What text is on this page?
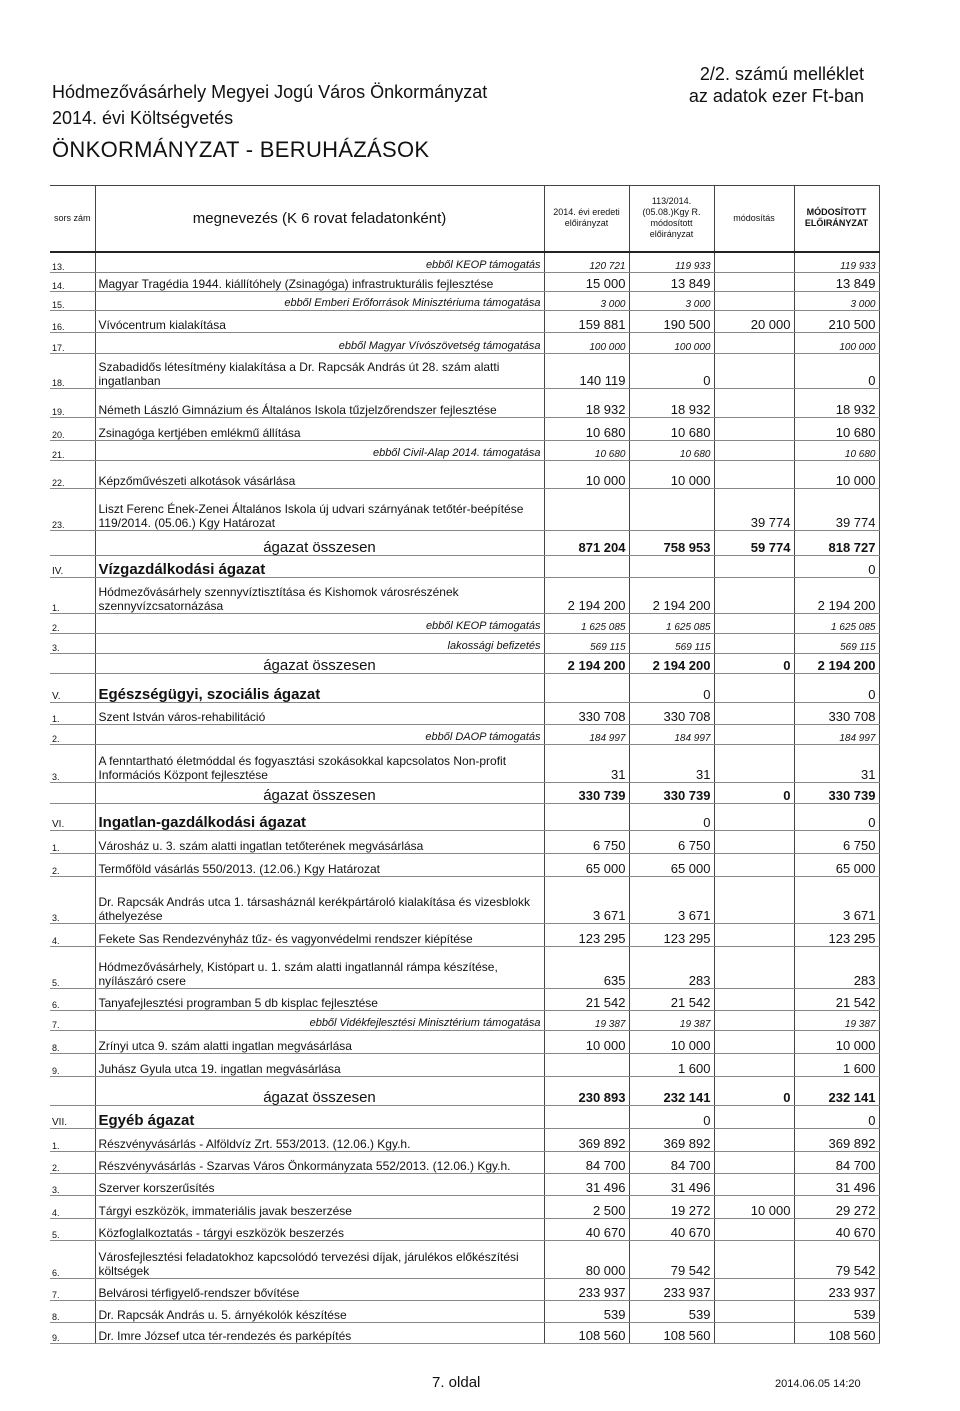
Hódmezővásárhely Megyei Jogú Város Önkormányzat
2014. évi Költségvetés
ÖNKORMÁNYZAT - BERUHÁZÁSOK
2/2. számú melléklet
az adatok ezer Ft-ban
sors zám	megnevezés (K 6 rovat feladatonként)	2014. évi eredeti előirányzat	113/2014. (05.08.)Kgy R. módosított előirányzat	módosítás	MÓDOSÍTOTT ELŐIRÁNYZAT
13.	ebből KEOP támogatás	120 721	119 933		119 933
14.	Magyar Tragédia 1944. kiállítóhely (Zsinagóga) infrastrukturális fejlesztése	15 000	13 849		13 849
15.	ebből Emberi Erőforrások Minisztériuma támogatása	3 000	3 000		3 000
16.	Vívócentrum kialakítása	159 881	190 500	20 000	210 500
17.	ebből Magyar Vívószövetség támogatása	100 000	100 000		100 000
18.	Szabadidős létesítmény kialakítása a Dr. Rapcsák András út 28. szám alatti ingatlanban	140 119	0		0
19.	Németh László Gimnázium és Általános Iskola tűzjelzőrendszer fejlesztése	18 932	18 932		18 932
20.	Zsinagóga kertjében emlékmű állítása	10 680	10 680		10 680
21.	ebből Civil-Alap 2014. támogatása	10 680	10 680		10 680
22.	Képzőművészeti alkotások vásárlása	10 000	10 000		10 000
23.	Liszt Ferenc Ének-Zenei Általános Iskola új udvari szárnyának tetőtér-beépítése 119/2014. (05.06.) Kgy Határozat			39 774	39 774
	ágazat összesen	871 204	758 953	59 774	818 727
IV.	Vízgazdálkodási ágazat				0
1.	Hódmezővásárhely szennyvíztisztítása és Kishomok városrészének szennyvízcsatornázása	2 194 200	2 194 200		2 194 200
2.	ebből KEOP támogatás	1 625 085	1 625 085		1 625 085
3.	lakossági befizetés	569 115	569 115		569 115
	ágazat összesen	2 194 200	2 194 200	0	2 194 200
V.	Egészségügyi, szociális ágazat		0		0
1.	Szent István város-rehabilitáció	330 708	330 708		330 708
2.	ebből DAOP támogatás	184 997	184 997		184 997
3.	A fenntartható életmóddal és fogyasztási szokásokkal kapcsolatos Non-profit Információs Központ fejlesztése	31	31		31
	ágazat összesen	330 739	330 739	0	330 739
VI.	Ingatlan-gazdálkodási ágazat		0		0
1.	Városház u. 3. szám alatti ingatlan tetőterének megvásárlása	6 750	6 750		6 750
2.	Termőföld vásárlás 550/2013. (12.06.) Kgy Határozat	65 000	65 000		65 000
3.	Dr. Rapcsák András utca 1. társasháznál kerékpártároló kialakítása és vizesblokk áthelyezése	3 671	3 671		3 671
4.	Fekete Sas Rendezvényház tűz- és vagyonvédelmi rendszer kiépítése	123 295	123 295		123 295
5.	Hódmezővásárhely, Kistópart u. 1. szám alatti ingatlannál rámpa készítése, nyílászáró csere	635	283		283
6.	Tanyafejlesztési programban 5 db kisplac fejlesztése	21 542	21 542		21 542
7.	ebből Vidékfejlesztési Minisztérium támogatása	19 387	19 387		19 387
8.	Zrínyi utca 9. szám alatti ingatlan megvásárlása	10 000	10 000		10 000
9.	Juhász Gyula utca 19. ingatlan megvásárlása		1 600		1 600
	ágazat összesen	230 893	232 141	0	232 141
VII.	Egyéb ágazat		0		0
1.	Részvényvásárlás - Alföldvíz Zrt. 553/2013. (12.06.) Kgy.h.	369 892	369 892		369 892
2.	Részvényvásárlás - Szarvas Város Önkormányzata 552/2013. (12.06.) Kgy.h.	84 700	84 700		84 700
3.	Szerver korszerűsítés	31 496	31 496		31 496
4.	Tárgyi eszközök, immateriális javak beszerzése	2 500	19 272	10 000	29 272
5.	Közfoglalkoztatás - tárgyi eszközök beszerzés	40 670	40 670		40 670
6.	Városfejlesztési feladatokhoz kapcsolódó tervezési díjak, járulékos előkészítési költségek	80 000	79 542		79 542
7.	Belvárosi térfigyelő-rendszer bővítése	233 937	233 937		233 937
8.	Dr. Rapcsák András u. 5. árnyékolók készítése	539	539		539
9.	Dr. Imre József utca tér-rendezés és parképítés	108 560	108 560		108 560
7. oldal	2014.06.05 14:20
